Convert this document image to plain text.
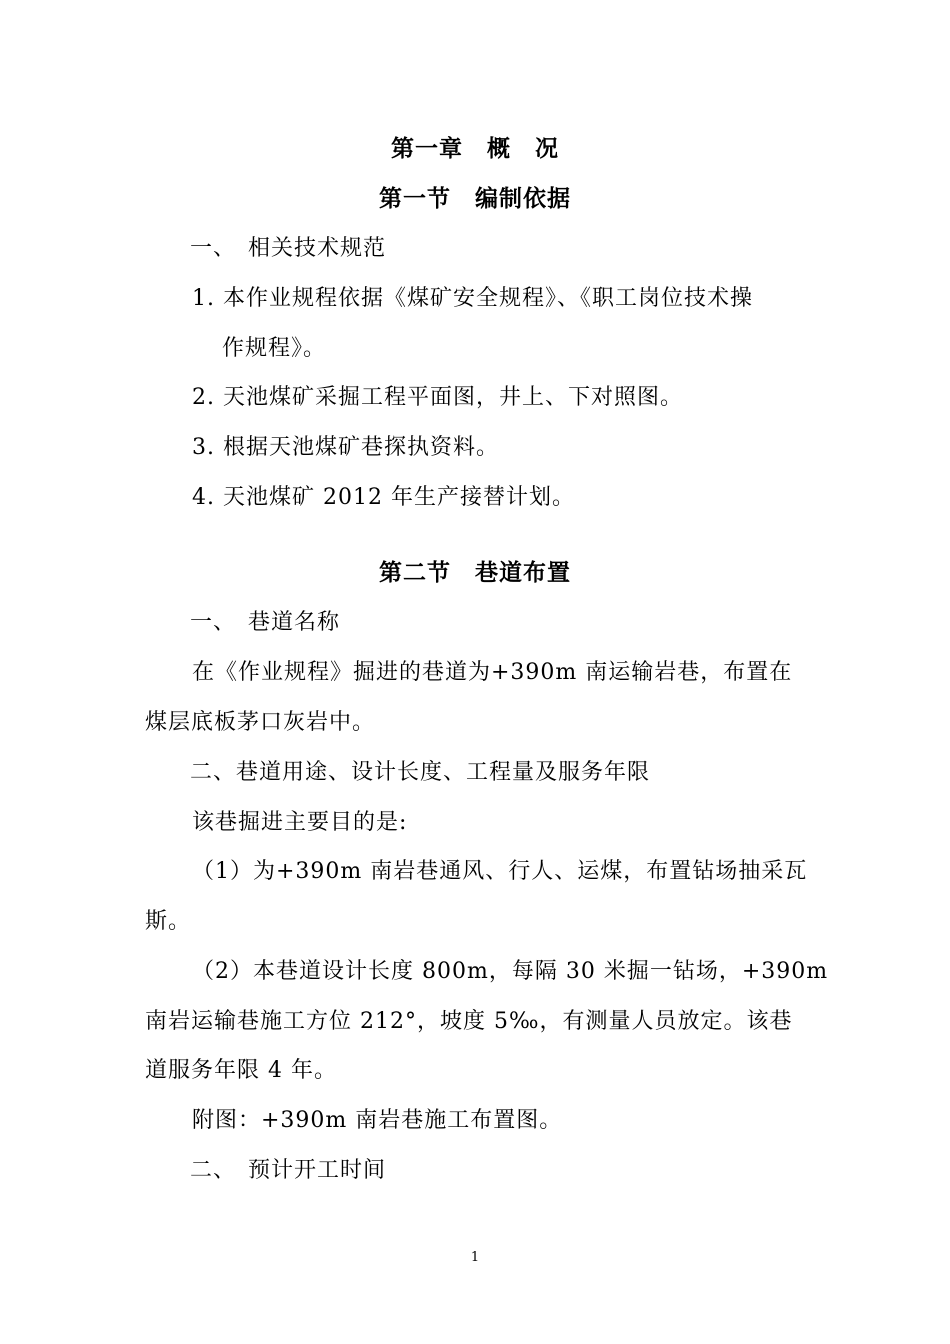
第一章　概　况
第一节　编制依据
一、　相关技术规范
1. 本作业规程依据《煤矿安全规程》、《职工岗位技术操
作规程》。
2. 天池煤矿采掘工程平面图，井上、下对照图。
3. 根据天池煤矿巷探执资料。
4. 天池煤矿 2012 年生产接替计划。
第二节　巷道布置
一、　巷道名称
在《作业规程》掘进的巷道为+390m 南运输岩巷，布置在
煤层底板茅口灰岩中。
二、巷道用途、设计长度、工程量及服务年限
该巷掘进主要目的是:
（1）为+390m 南岩巷通风、行人、运煤，布置钻场抽采瓦
斯。
（2）本巷道设计长度 800m，每隔 30 米掘一钻场，+390m
南岩运输巷施工方位 212°，坡度 5‰，有测量人员放定。该巷
道服务年限 4 年。
附图：+390m 南岩巷施工布置图。
二、　预计开工时间
1
